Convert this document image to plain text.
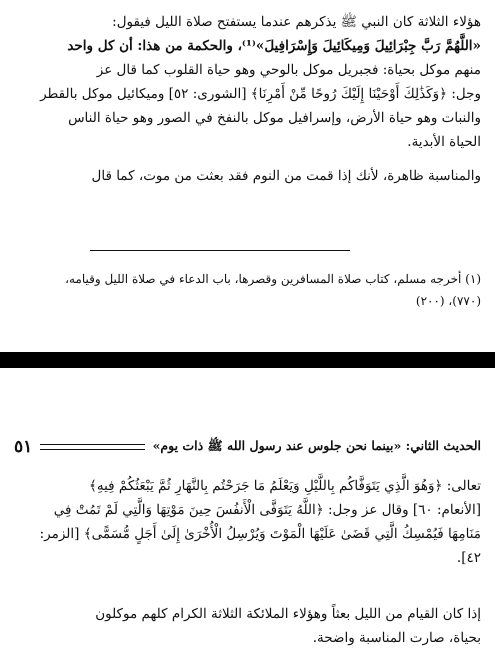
هؤلاء الثلاثة كان النبي ﷺ يذكرهم عندما يستفتح صلاة الليل فيقول:
«اللَّهُمَّ رَبَّ جِبْرَائِيلَ وَمِيكَائِيلَ وَإِسْرَافِيلَ»⁽¹⁾، والحكمة من هذا: أن كل واحد
منهم موكل بحياة: فجبريل موكل بالوحي وهو حياة القلوب كما قال عز
وجل: ﴿وَكَذَٰلِكَ أَوْحَيْنَا إِلَيْكَ رُوحًا مِّنْ أَمْرِنَا﴾ [الشورى: ٥٢] وميكائيل موكل بالقطر
والنبات وهو حياة الأرض، وإسرافيل موكل بالنفخ في الصور وهو حياة الناس
الحياة الأبدية.

والمناسبة ظاهرة، لأنك إذا قمت من النوم فقد بعثت من موت، كما قال

(١) أخرجه مسلم، كتاب صلاة المسافرين وقصرها، باب الدعاء في صلاة الليل وقيامه،

(٧٧٠)، (٢٠٠)

الحديث الثاني: «بينما نحن جلوس عند رسول الله ﷺ ذات يوم»
٥١

تعالى: ﴿وَهُوَ الَّذِي يَتَوَفَّاكُم بِاللَّيْلِ وَيَعْلَمُ مَا جَرَحْتُم بِالنَّهَارِ ثُمَّ يَبْعَثُكُمْ فِيهِ﴾
[الأنعام: ٦٠] وقال عز وجل: ﴿اللَّهُ يَتَوَفَّى الْأَنفُسَ حِينَ مَوْتِهَا وَالَّتِي لَمْ تَمُتْ فِي
مَنَامِهَا فَيُمْسِكُ الَّتِي قَضَىٰ عَلَيْهَا الْمَوْتَ وَيُرْسِلُ الْأُخْرَىٰ إِلَىٰ أَجَلٍ مُّسَمًّى﴾ [الزمر:
٤٢].

إذا كان القيام من الليل بعثاً وهؤلاء الملائكة الثلاثة الكرام كلهم موكلون
بحياة، صارت المناسبة واضحة.
